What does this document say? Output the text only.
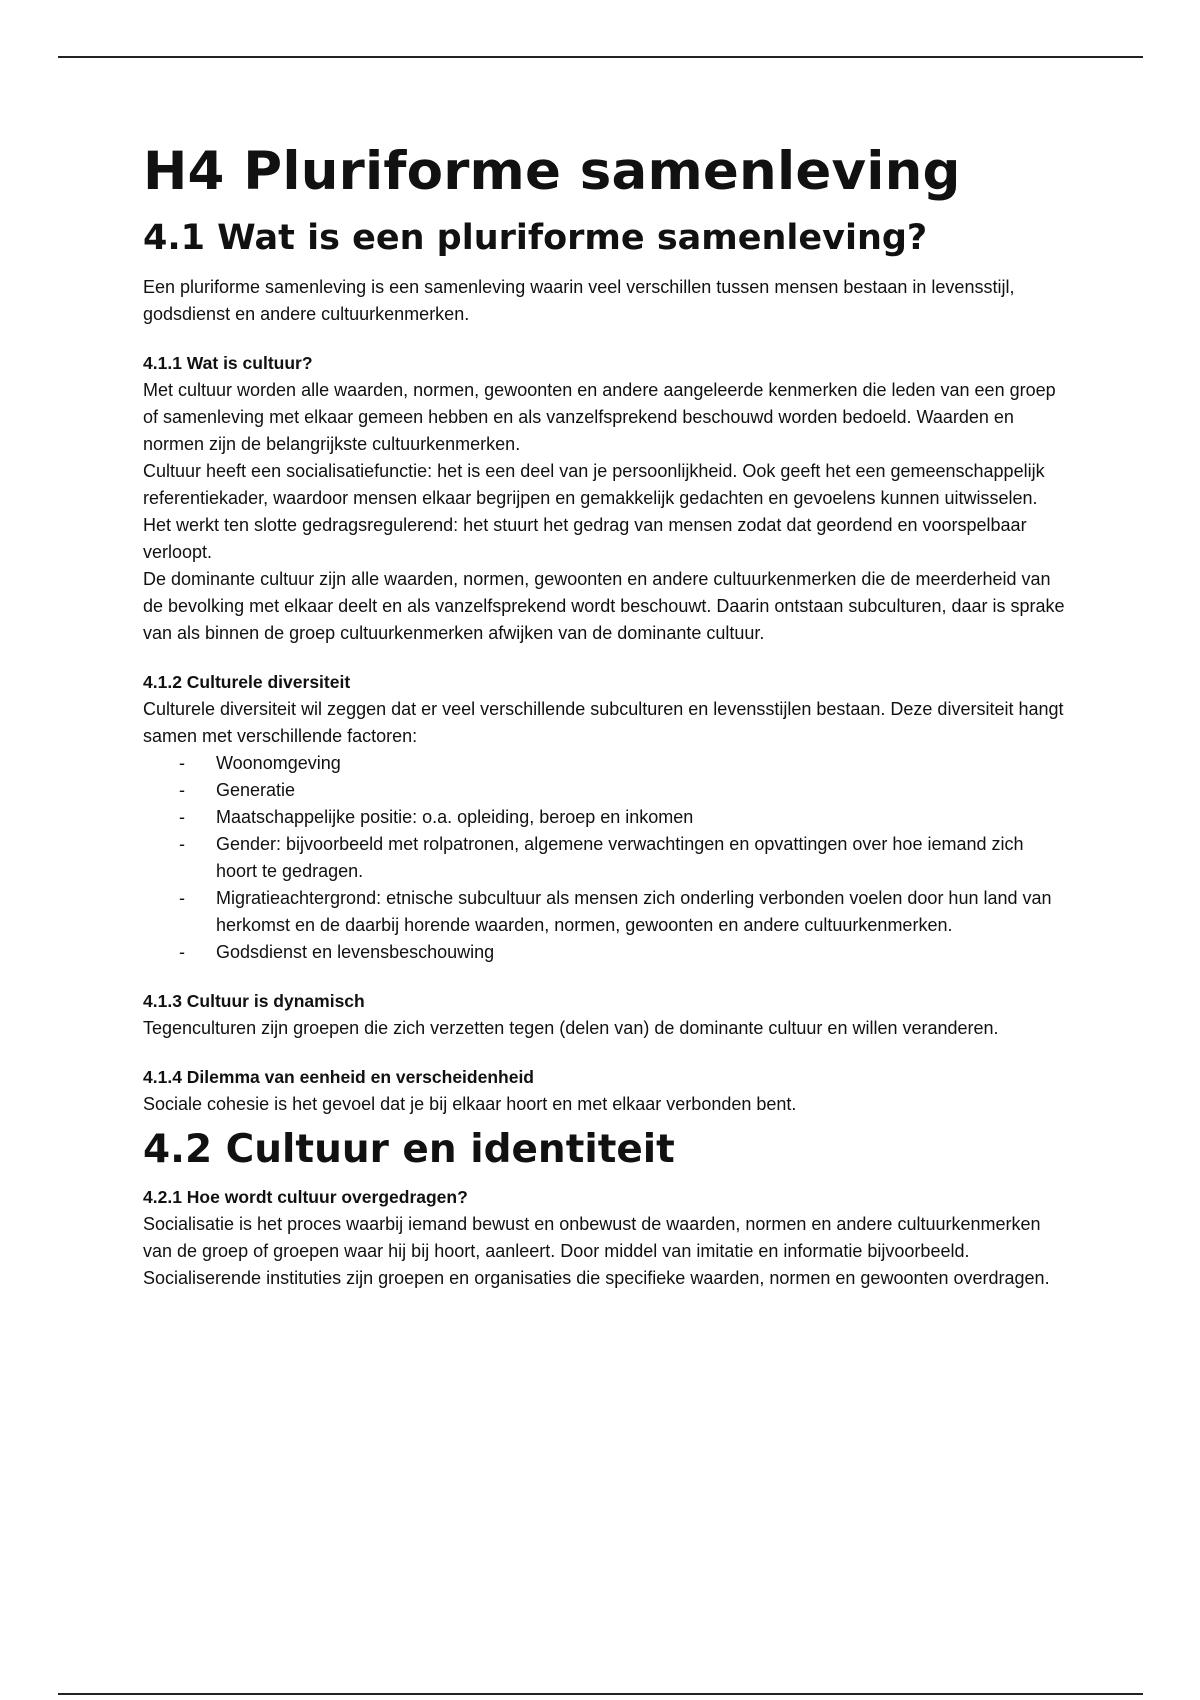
H4 Pluriforme samenleving
4.1 Wat is een pluriforme samenleving?

Een pluriforme samenleving is een samenleving waarin veel verschillen tussen mensen bestaan in levensstijl, godsdienst en andere cultuurkenmerken.

4.1.1 Wat is cultuur?

Met cultuur worden alle waarden, normen, gewoonten en andere aangeleerde kenmerken die leden van een groep of samenleving met elkaar gemeen hebben en als vanzelfsprekend beschouwd worden bedoeld. Waarden en normen zijn de belangrijkste cultuurkenmerken.

Cultuur heeft een socialisatiefunctie: het is een deel van je persoonlijkheid. Ook geeft het een gemeenschappelijk referentiekader, waardoor mensen elkaar begrijpen en gemakkelijk gedachten en gevoelens kunnen uitwisselen. Het werkt ten slotte gedragsregulerend: het stuurt het gedrag van mensen zodat dat geordend en voorspelbaar verloopt.

De dominante cultuur zijn alle waarden, normen, gewoonten en andere cultuurkenmerken die de meerderheid van de bevolking met elkaar deelt en als vanzelfsprekend wordt beschouwt. Daarin ontstaan subculturen, daar is sprake van als binnen de groep cultuurkenmerken afwijken van de dominante cultuur.

4.1.2 Culturele diversiteit

Culturele diversiteit wil zeggen dat er veel verschillende subculturen en levensstijlen bestaan. Deze diversiteit hangt samen met verschillende factoren:

- Woonomgeving
- Generatie
- Maatschappelijke positie: o.a. opleiding, beroep en inkomen
- Gender: bijvoorbeeld met rolpatronen, algemene verwachtingen en opvattingen over hoe iemand zich hoort te gedragen.
- Migratieachtergrond: etnische subcultuur als mensen zich onderling verbonden voelen door hun land van herkomst en de daarbij horende waarden, normen, gewoonten en andere cultuurkenmerken.
- Godsdienst en levensbeschouwing
4.1.3 Cultuur is dynamisch

Tegenculturen zijn groepen die zich verzetten tegen (delen van) de dominante cultuur en willen veranderen.

4.1.4 Dilemma van eenheid en verscheidenheid

Sociale cohesie is het gevoel dat je bij elkaar hoort en met elkaar verbonden bent.

4.2 Cultuur en identiteit
4.2.1 Hoe wordt cultuur overgedragen?

Socialisatie is het proces waarbij iemand bewust en onbewust de waarden, normen en andere cultuurkenmerken van de groep of groepen waar hij bij hoort, aanleert. Door middel van imitatie en informatie bijvoorbeeld.

Socialiserende instituties zijn groepen en organisaties die specifieke waarden, normen en gewoonten overdragen.
